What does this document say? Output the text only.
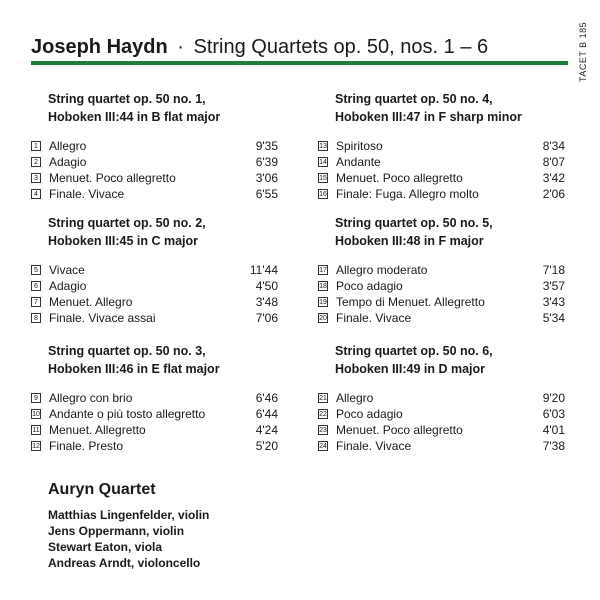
Joseph Haydn · String Quartets op. 50, nos. 1 – 6	TACET B 185
String quartet op. 50 no. 1,
Hoboken III:44 in B flat major
1 Allegro	9'35
2 Adagio	6'39
3 Menuet. Poco allegretto	3'06
4 Finale. Vivace	6'55
String quartet op. 50 no. 2,
Hoboken III:45 in C major
5 Vivace	11'44
6 Adagio	4'50
7 Menuet. Allegro	3'48
8 Finale. Vivace assai	7'06
String quartet op. 50 no. 3,
Hoboken III:46 in E flat major
9 Allegro con brio	6'46
10 Andante o più tosto allegretto	6'44
11 Menuet. Allegretto	4'24
12 Finale. Presto	5'20
String quartet op. 50 no. 4,
Hoboken III:47 in F sharp minor
13 Spiritoso	8'34
14 Andante	8'07
15 Menuet. Poco allegretto	3'42
16 Finale: Fuga. Allegro molto	2'06
String quartet op. 50 no. 5,
Hoboken III:48 in F major
17 Allegro moderato	7'18
18 Poco adagio	3'57
19 Tempo di Menuet. Allegretto	3'43
20 Finale. Vivace	5'34
String quartet op. 50 no. 6,
Hoboken III:49 in D major
21 Allegro	9'20
22 Poco adagio	6'03
23 Menuet. Poco allegretto	4'01
24 Finale. Vivace	7'38
Auryn Quartet
Matthias Lingenfelder, violin
Jens Oppermann, violin
Stewart Eaton, viola
Andreas Arndt, violoncello
